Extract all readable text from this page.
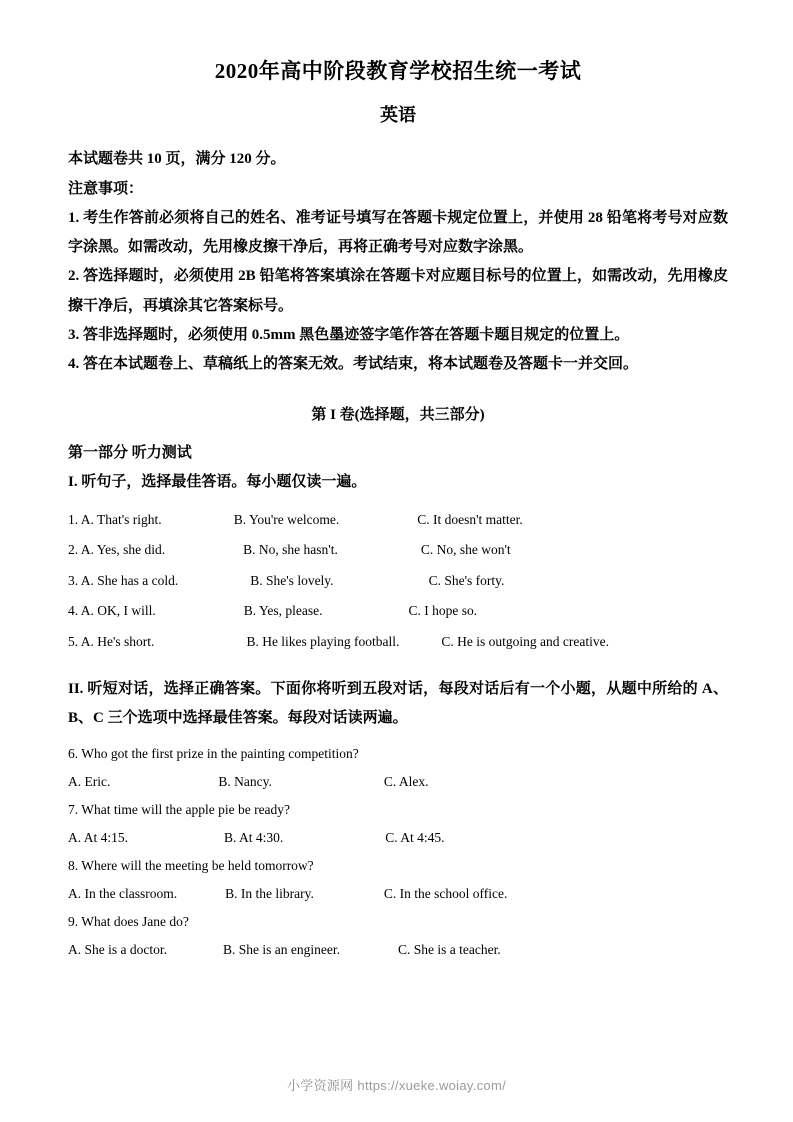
2020年高中阶段教育学校招生统一考试
英语

本试题卷共 10 页，满分 120 分。

注意事项：

1. 考生作答前必须将自己的姓名、准考证号填写在答题卡规定位置上，并使用 28 铅笔将考号对应数字涂黑。如需改动，先用橡皮擦干净后，再将正确考号对应数字涂黑。

2. 答选择题时，必须使用 2B 铅笔将答案填涂在答题卡对应题目标号的位置上，如需改动，先用橡皮擦干净后，再填涂其它答案标号。

3. 答非选择题时，必须使用 0.5mm 黑色墨迹签字笔作答在答题卡题目规定的位置上。

4. 答在本试题卷上、草稿纸上的答案无效。考试结束，将本试题卷及答题卡一并交回。

第 I 卷(选择题，共三部分)

第一部分 听力测试

I. 听句子，选择最佳答语。每小题仅读一遍。

1. A. That's right.	B. You're welcome.	C. It doesn't matter.
2. A. Yes, she did.	B. No, she hasn't.	C. No, she won't
3. A. She has a cold.	B. She's lovely.	C. She's forty.
4. A. OK, I will.	B. Yes, please.	C. I hope so.
5. A. He's short.	B. He likes playing football.	C. He is outgoing and creative.

II. 听短对话，选择正确答案。下面你将听到五段对话，每段对话后有一个小题，从题中所给的 A、B、C 三个选项中选择最佳答案。每段对话读两遍。

6. Who got the first prize in the painting competition?

A. Eric.	B. Nancy.	C. Alex.

7. What time will the apple pie be ready?

A. At 4:15.	B. At 4:30.	C. At 4:45.

8. Where will the meeting be held tomorrow?

A. In the classroom.	B. In the library.	C. In the school office.

9. What does Jane do?

A. She is a doctor.	B. She is an engineer.	C. She is a teacher.
小学资源网 https://xueke.woiay.com/
